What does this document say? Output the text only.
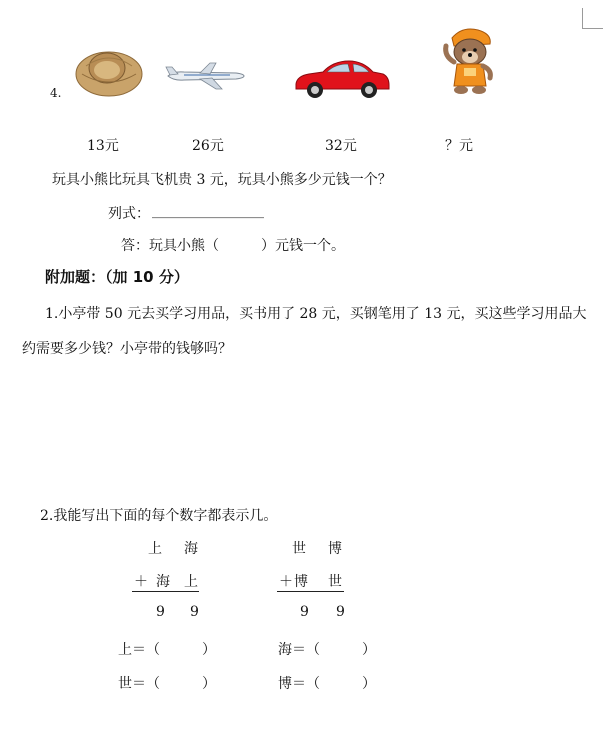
4.
13元	26元	32元	？元
玩具小熊比玩具飞机贵 3 元，玩具小熊多少元钱一个？
列式： ________________
答：玩具小熊（　　　）元钱一个。
附加题：（加 10 分）
1.小亭带 50 元去买学习用品，买书用了 28 元，买钢笔用了 13 元，买这些学习用品大
约需要多少钱？小亭带的钱够吗？
2.我能写出下面的每个数字都表示几。
上 海
＋ 海 上
9 9
上＝（　　　）
世＝（　　　）
世 博
＋ 博 世
9 9
海＝（　　　）
博＝（　　　）
